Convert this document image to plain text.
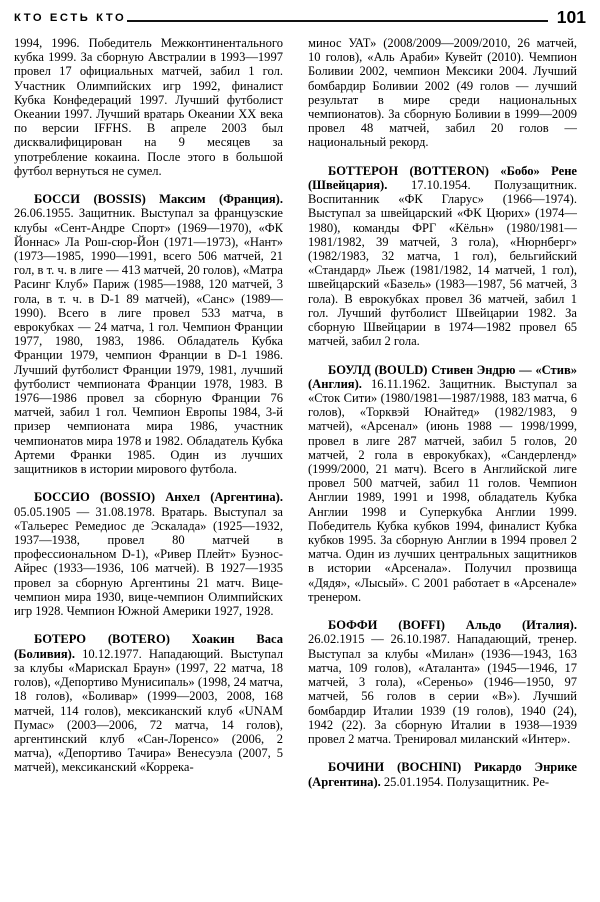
КТО ЕСТЬ КТО	101

1994, 1996. Победитель Межконтинентального кубка 1999. За сборную Австралии в 1993—1997 провел 17 официальных матчей, забил 1 гол. Участник Олимпийских игр 1992, финалист Кубка Конфедераций 1997. Лучший футболист Океании 1997. Лучший вратарь Океании XX века по версии IFFHS. В апреле 2003 был дисквалифицирован на 9 месяцев за употребление кокаина. После этого в большой футбол вернуться не сумел.

БОССИ (BOSSIS) Максим (Франция). 26.06.1955. Защитник. Выступал за французские клубы «Сент-Андре Спорт» (1969—1970), «ФК Йоннас» Ла Рош-сюр-Йон (1971—1973), «Нант» (1973—1985, 1990—1991, всего 506 матчей, 21 гол, в т. ч. в лиге — 413 матчей, 20 голов), «Матра Расинг Клуб» Париж (1985—1988, 120 матчей, 3 гола, в т. ч. в D-1 89 матчей), «Санс» (1989—1990). Всего в лиге провел 533 матча, в еврокубках — 24 матча, 1 гол. Чемпион Франции 1977, 1980, 1983, 1986. Обладатель Кубка Франции 1979, чемпион Франции в D-1 1986. Лучший футболист Франции 1979, 1981, лучший футболист чемпионата Франции 1978, 1983. В 1976—1986 провел за сборную Франции 76 матчей, забил 1 гол. Чемпион Европы 1984, 3-й призер чемпионата мира 1986, участник чемпионатов мира 1978 и 1982. Обладатель Кубка Артеми Франки 1985. Один из лучших защитников в истории мирового футбола.

БОССИО (BOSSIO) Анхел (Аргентина). 05.05.1905 — 31.08.1978. Вратарь. Выступал за «Тальерес Ремедиос де Эскалада» (1925—1932, 1937—1938, провел 80 матчей в профессиональном D-1), «Ривер Плейт» Буэнос-Айрес (1933—1936, 106 матчей). В 1927—1935 провел за сборную Аргентины 21 матч. Вице-чемпион мира 1930, вице-чемпион Олимпийских игр 1928. Чемпион Южной Америки 1927, 1928.

БОТЕРО (BOTERO) Хоакин Васа (Боливия). 10.12.1977. Нападающий. Выступал за клубы «Марискал Браун» (1997, 22 матча, 18 голов), «Депортиво Мунисипаль» (1998, 24 матча, 18 голов), «Боливар» (1999—2003, 2008, 168 матчей, 114 голов), мексиканский клуб «UNAM Пумас» (2003—2006, 72 матча, 14 голов), аргентинский клуб «Сан-Лоренсо» (2006, 2 матча), «Депортиво Тачира» Венесуэла (2007, 5 матчей), мексиканский «Коррека-

минос УАТ» (2008/2009—2009/2010, 26 матчей, 10 голов), «Аль Араби» Кувейт (2010). Чемпион Боливии 2002, чемпион Мексики 2004. Лучший бомбардир Боливии 2002 (49 голов — лучший результат в мире среди национальных чемпионатов). За сборную Боливии в 1999—2009 провел 48 матчей, забил 20 голов — национальный рекорд.

БОТТЕРОН (BOTTERON) «Бобо» Рене (Швейцария). 17.10.1954. Полузащитник. Воспитанник «ФК Гларус» (1966—1974). Выступал за швейцарский «ФК Цюрих» (1974—1980), команды ФРГ «Кёльн» (1980/1981—1981/1982, 39 матчей, 3 гола), «Нюрнберг» (1982/1983, 32 матча, 1 гол), бельгийский «Стандард» Льеж (1981/1982, 14 матчей, 1 гол), швейцарский «Базель» (1983—1987, 56 матчей, 3 гола). В еврокубках провел 36 матчей, забил 1 гол. Лучший футболист Швейцарии 1982. За сборную Швейцарии в 1974—1982 провел 65 матчей, забил 2 гола.

БОУЛД (BOULD) Стивен Эндрю — «Стив» (Англия). 16.11.1962. Защитник. Выступал за «Сток Сити» (1980/1981—1987/1988, 183 матча, 6 голов), «Торквэй Юнайтед» (1982/1983, 9 матчей), «Арсенал» (июнь 1988 — 1998/1999, провел в лиге 287 матчей, забил 5 голов, 20 матчей, 2 гола в еврокубках), «Сандерленд» (1999/2000, 21 матч). Всего в Английской лиге провел 500 матчей, забил 11 голов. Чемпион Англии 1989, 1991 и 1998, обладатель Кубка Англии 1998 и Суперкубка Англии 1999. Победитель Кубка кубков 1994, финалист Кубка кубков 1995. За сборную Англии в 1994 провел 2 матча. Один из лучших центральных защитников в истории «Арсенала». Получил прозвища «Дядя», «Лысый». С 2001 работает в «Арсенале» тренером.

БОФФИ (BOFFI) Альдо (Италия). 26.02.1915 — 26.10.1987. Нападающий, тренер. Выступал за клубы «Милан» (1936—1943, 163 матча, 109 голов), «Аталанта» (1945—1946, 17 матчей, 3 гола), «Сереньо» (1946—1950, 97 матчей, 56 голов в серии «В»). Лучший бомбардир Италии 1939 (19 голов), 1940 (24), 1942 (22). За сборную Италии в 1938—1939 провел 2 матча. Тренировал миланский «Интер».

БОЧИНИ (BOCHINI) Рикардо Энрике (Аргентина). 25.01.1954. Полузащитник. Ре-
